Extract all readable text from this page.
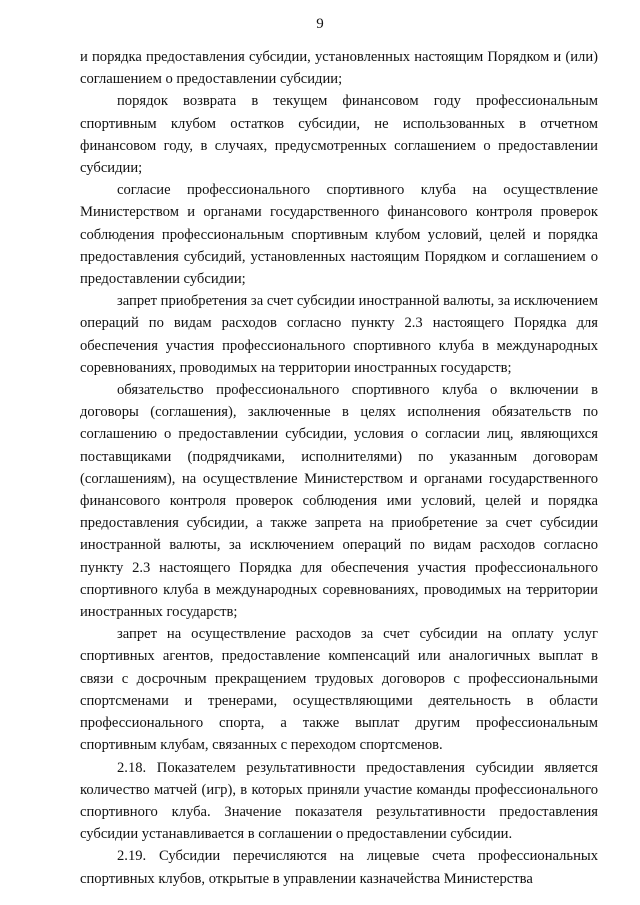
9

и порядка предоставления субсидии, установленных настоящим Порядком и (или) соглашением о предоставлении субсидии;

порядок возврата в текущем финансовом году профессиональным спортивным клубом остатков субсидии, не использованных в отчетном финансовом году, в случаях, предусмотренных соглашением о предоставлении субсидии;

согласие профессионального спортивного клуба на осуществление Министерством и органами государственного финансового контроля проверок соблюдения профессиональным спортивным клубом условий, целей и порядка предоставления субсидий, установленных настоящим Порядком и соглашением о предоставлении субсидии;

запрет приобретения за счет субсидии иностранной валюты, за исключением операций по видам расходов согласно пункту 2.3 настоящего Порядка для обеспечения участия профессионального спортивного клуба в международных соревнованиях, проводимых на территории иностранных государств;

обязательство профессионального спортивного клуба о включении в договоры (соглашения), заключенные в целях исполнения обязательств по соглашению о предоставлении субсидии, условия о согласии лиц, являющихся поставщиками (подрядчиками, исполнителями) по указанным договорам (соглашениям), на осуществление Министерством и органами государственного финансового контроля проверок соблюдения ими условий, целей и порядка предоставления субсидии, а также запрета на приобретение за счет субсидии иностранной валюты, за исключением операций по видам расходов согласно пункту 2.3 настоящего Порядка для обеспечения участия профессионального спортивного клуба в международных соревнованиях, проводимых на территории иностранных государств;

запрет на осуществление расходов за счет субсидии на оплату услуг спортивных агентов, предоставление компенсаций или аналогичных выплат в связи с досрочным прекращением трудовых договоров с профессиональными спортсменами и тренерами, осуществляющими деятельность в области профессионального спорта, а также выплат другим профессиональным спортивным клубам, связанных с переходом спортсменов.

2.18. Показателем результативности предоставления субсидии является количество матчей (игр), в которых приняли участие команды профессионального спортивного клуба. Значение показателя результативности предоставления субсидии устанавливается в соглашении о предоставлении субсидии.

2.19. Субсидии перечисляются на лицевые счета профессиональных спортивных клубов, открытые в управлении казначейства Министерства
